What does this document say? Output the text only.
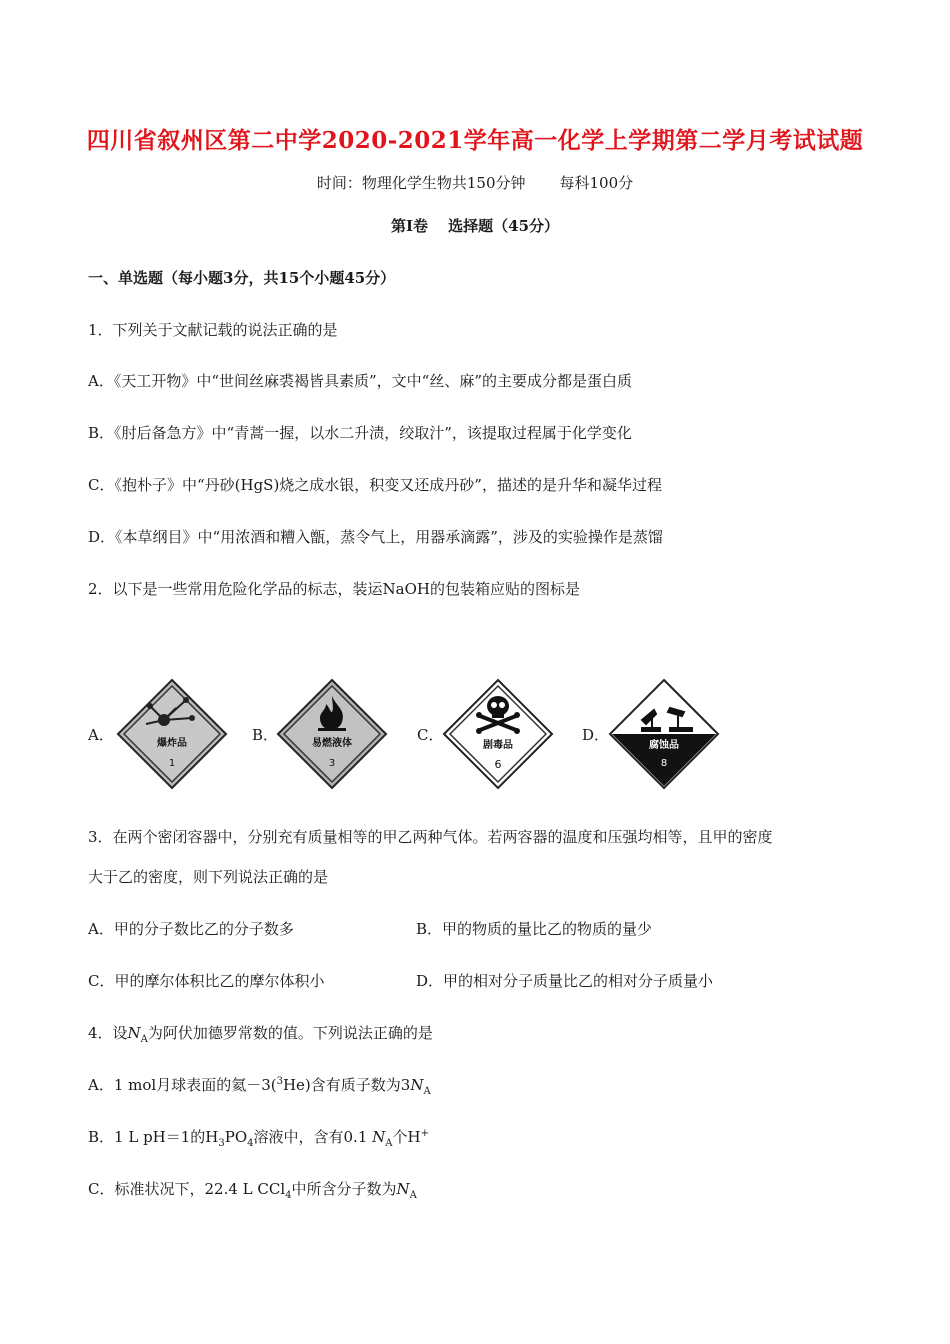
四川省叙州区第二中学2020-2021学年高一化学上学期第二学月考试试题
时间：物理化学生物共150分钟 每科100分
第I卷　 选择题（45分）
一、单选题（每小题3分，共15个小题45分）
1．下列关于文献记载的说法正确的是
A．《天工开物》中“世间丝麻裘褐皆具素质”，文中“丝、麻”的主要成分都是蛋白质
B．《肘后备急方》中“青蒿一握，以水二升渍，绞取汁”，该提取过程属于化学变化
C．《抱朴子》中“丹砂(HgS)烧之成水银，积变又还成丹砂”，描述的是升华和凝华过程
D．《本草纲目》中“用浓酒和糟入甑，蒸令气上，用器承滴露”，涉及的实验操作是蒸馏
2．以下是一些常用危险化学品的标志，装运NaOH的包装箱应贴的图标是
A．	爆炸品
1
B．	易燃液体
3
C．
剧毒品
6
D．
腐蚀品
8
3．在两个密闭容器中，分别充有质量相等的甲乙两种气体。若两容器的温度和压强均相等，且甲的密度
大于乙的密度，则下列说法正确的是
A．甲的分子数比乙的分子数多	B．甲的物质的量比乙的物质的量少
C．甲的摩尔体积比乙的摩尔体积小	D．甲的相对分子质量比乙的相对分子质量小
4．设$N_A$为阿伏加德罗常数的值。下列说法正确的是
A．1 mol月球表面的氦－3($^3$He)含有质子数为$3N_A$
B．1 L pH＝1的$H_3PO_4$溶液中，含有0.1 $N_A$个H+
C．标准状况下，22.4 L CCl$_4$中所含分子数为$N_A$
